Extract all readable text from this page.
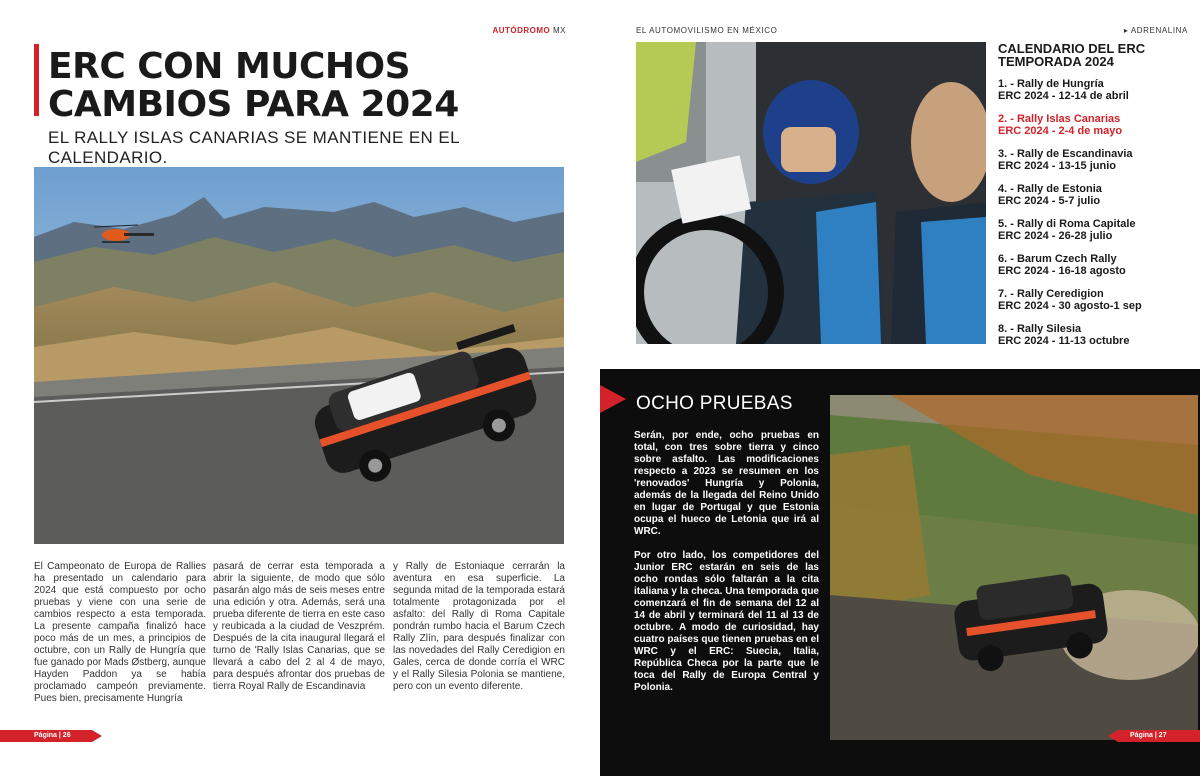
AUTÓDROMO MX
ERC CON MUCHOS CAMBIOS PARA 2024
EL RALLY ISLAS CANARIAS SE MANTIENE EN EL CALENDARIO.
El Campeonato de Europa de Rallies ha presentado un calendario para 2024 que está compuesto por ocho pruebas y viene con una serie de cambios respecto a esta temporada. La presente campaña finalizó hace poco más de un mes, a principios de octubre, con un Rally de Hungría que fue ganado por Mads Østberg, aunque Hayden Paddon ya se había proclamado campeón previamente. Pues bien, precisamente Hungría
pasará de cerrar esta temporada a abrir la siguiente, de modo que sólo pasarán algo más de seis meses entre una edición y otra. Además, será una prueba diferente de tierra en este caso y reubicada a la ciudad de Veszprém. Después de la cita inaugural llegará el turno de 'Rally Islas Canarias, que se llevará a cabo del 2 al 4 de mayo, para después afrontar dos pruebas de tierra Royal Rally de Escandinavia
y Rally de Estoniaque cerrarán la aventura en esa superficie. La segunda mitad de la temporada estará totalmente protagonizada por el asfalto: del Rally di Roma Capitale pondrán rumbo hacia el Barum Czech Rally Zlín, para después finalizar con las novedades del Rally Ceredigion en Gales, cerca de donde corría el WRC y el Rally Silesia Polonia se mantiene, pero con un evento diferente.
Página | 26
EL AUTOMOVILISMO EN MÉXICO	▸ ADRENALINA
CALENDARIO DEL ERC TEMPORADA 2024
1. - Rally de Hungría
ERC 2024 - 12-14 de abril
2. - Rally Islas Canarias
ERC 2024 - 2-4 de mayo
3. - Rally de Escandinavia
ERC 2024 - 13-15 junio
4. - Rally de Estonia
ERC 2024 - 5-7 julio
5. - Rally di Roma Capitale
ERC 2024 - 26-28 julio
6. - Barum Czech Rally
ERC 2024 - 16-18 agosto
7. - Rally Ceredigion
ERC 2024 - 30 agosto-1 sep
8. - Rally Silesia
ERC 2024 - 11-13 octubre
OCHO PRUEBAS

Serán, por ende, ocho pruebas en total, con tres sobre tierra y cinco sobre asfalto. Las modificaciones respecto a 2023 se resumen en los 'renovados' Hungría y Polonia, además de la llegada del Reino Unido en lugar de Portugal y que Estonia ocupa el hueco de Letonia que irá al WRC.

Por otro lado, los competidores del Junior ERC estarán en seis de las ocho rondas sólo faltarán a la cita italiana y la checa. Una temporada que comenzará el fin de semana del 12 al 14 de abril y terminará del 11 al 13 de octubre. A modo de curiosidad, hay cuatro países que tienen pruebas en el WRC y el ERC: Suecia, Italia, República Checa por la parte que le toca del Rally de Europa Central y Polonia.

Página | 27
